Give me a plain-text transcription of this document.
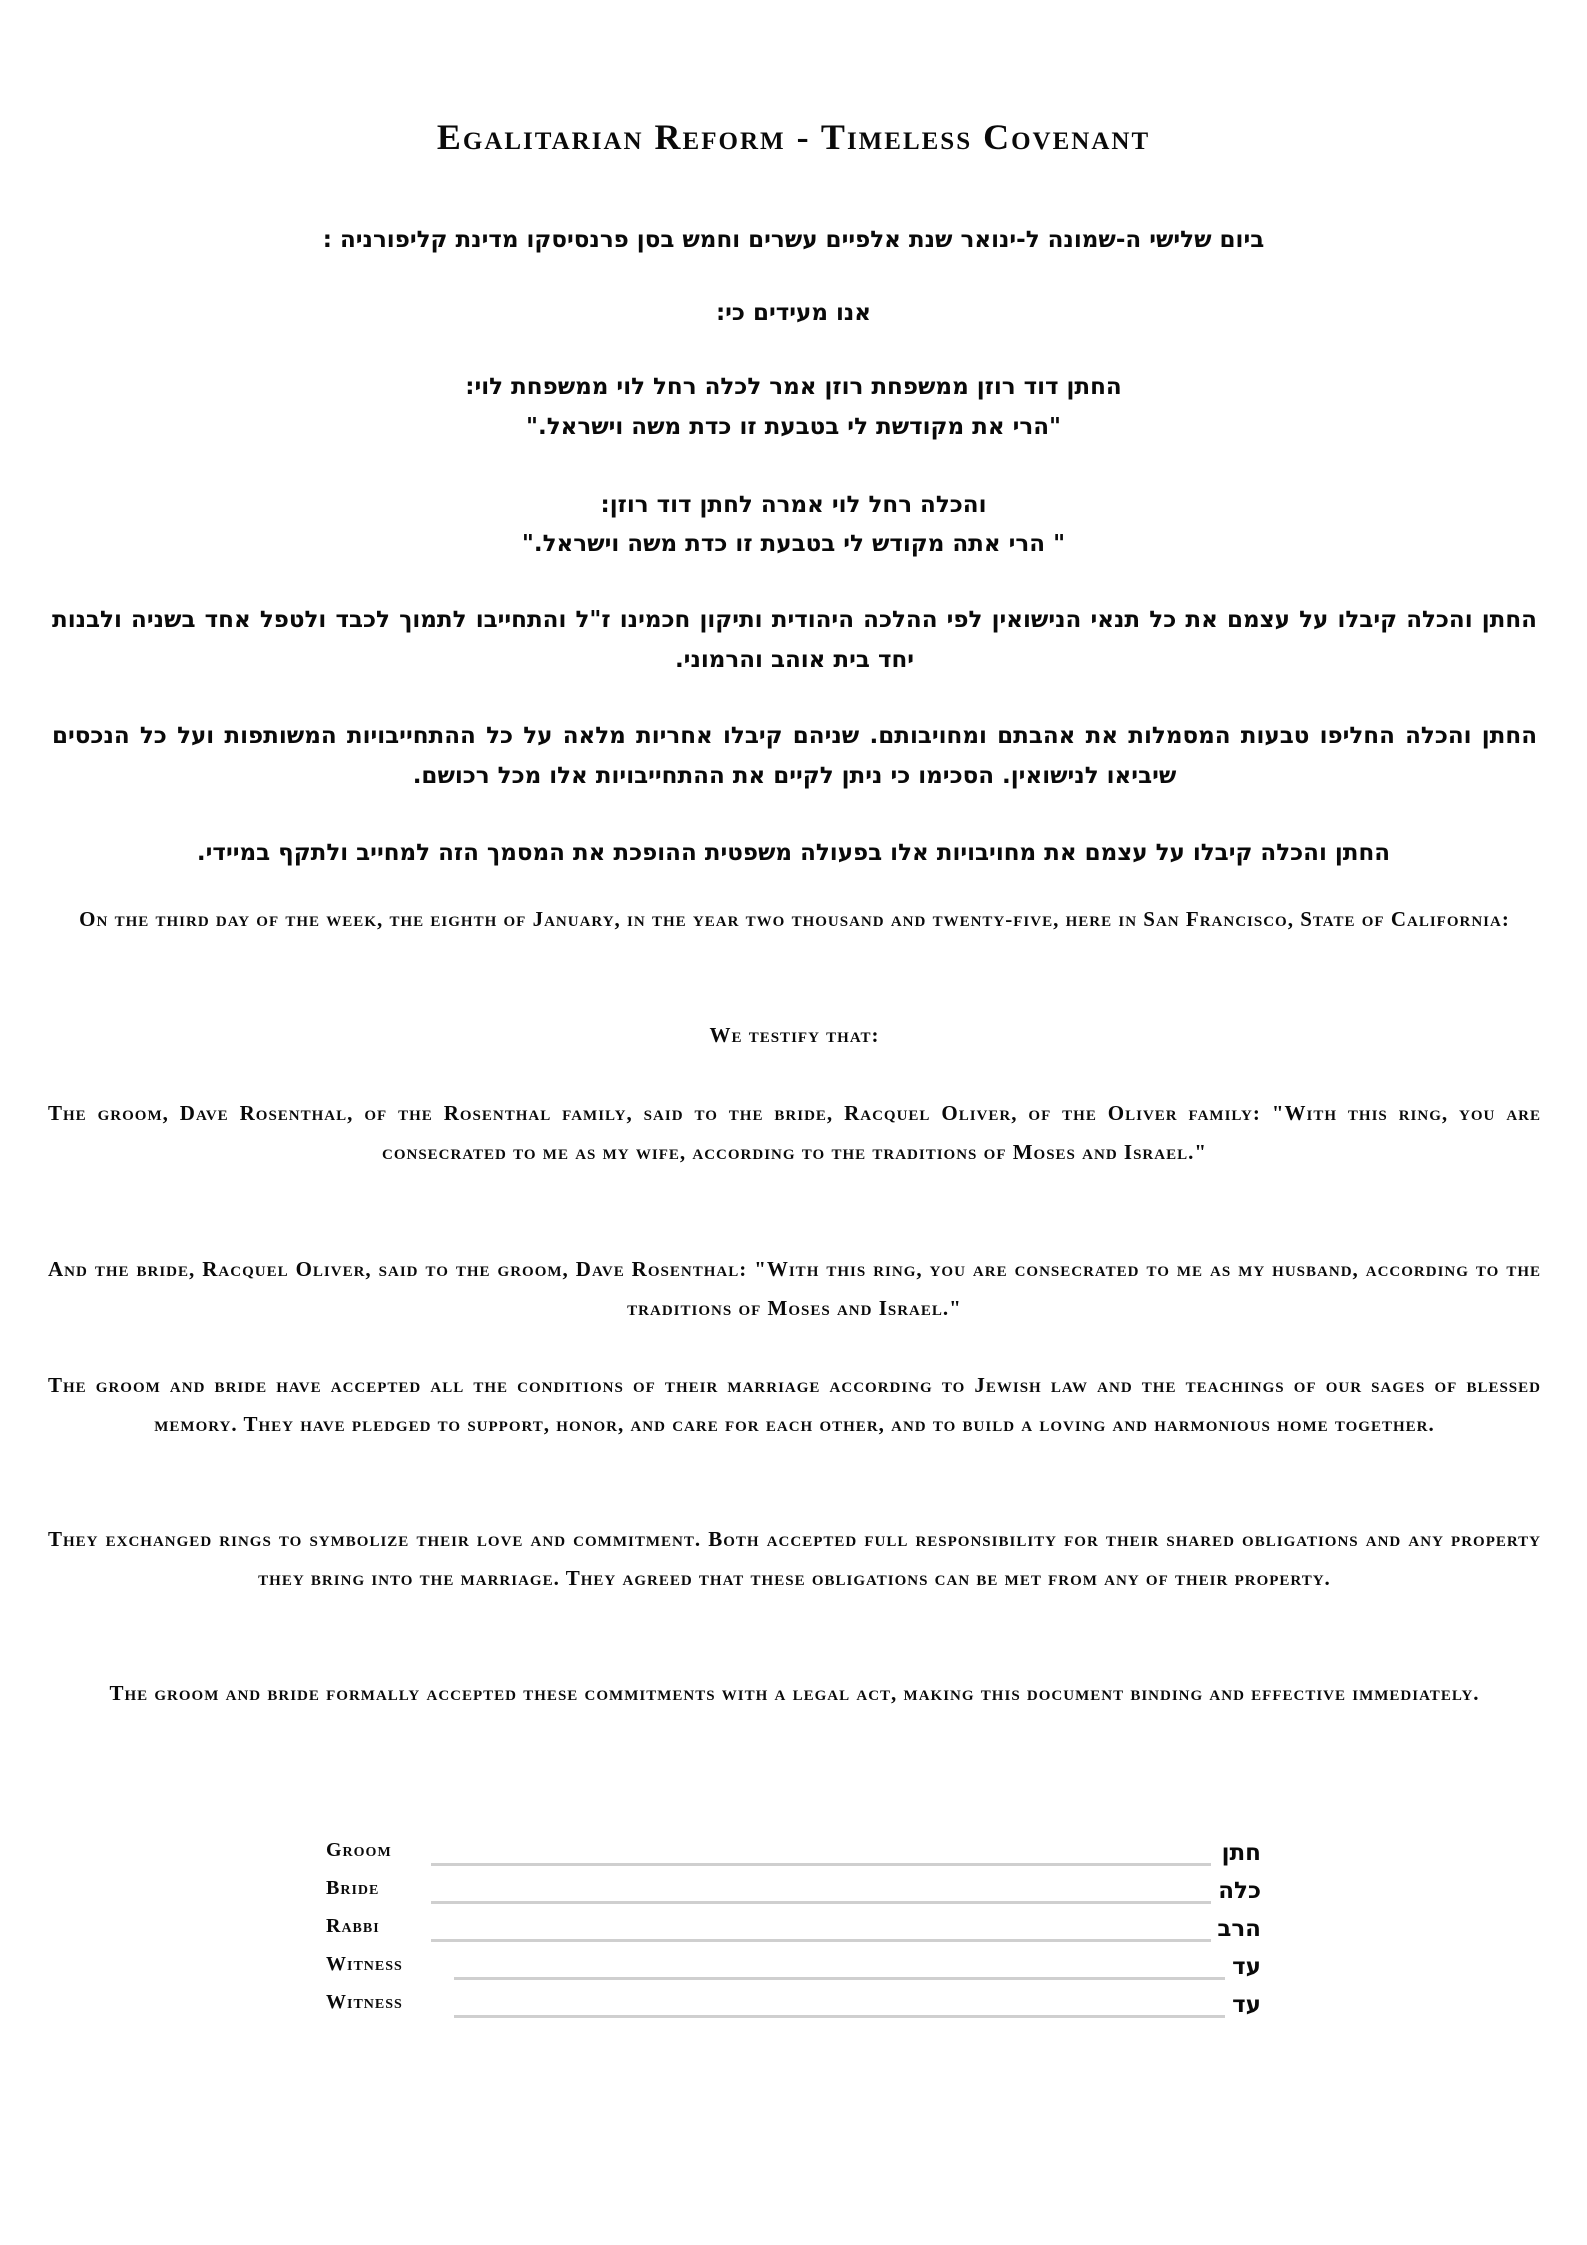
Egalitarian Reform - Timeless Covenant
ביום שלישי ה-שמונה ל-ינואר שנת אלפיים עשרים וחמש בסן פרנסיסקו מדינת קליפורניה :
אנו מעידים כי:
החתן דוד רוזן ממשפחת רוזן אמר לכלה רחל לוי ממשפחת לוי:
"הרי את מקודשת לי בטבעת זו כדת משה וישראל."
והכלה רחל לוי אמרה לחתן דוד רוזן:
" הרי אתה מקודש לי בטבעת זו כדת משה וישראל."
החתן והכלה קיבלו על עצמם את כל תנאי הנישואין לפי ההלכה היהודית ותיקון חכמינו ז"ל והתחייבו לתמוך לכבד ולטפל אחד בשניה ולבנות יחד בית אוהב והרמוני.
החתן והכלה החליפו טבעות המסמלות את אהבתם ומחויבותם. שניהם קיבלו אחריות מלאה על כל ההתחייבויות המשותפות ועל כל הנכסים שיביאו לנישואין. הסכימו כי ניתן לקיים את ההתחייבויות אלו מכל רכושם.
החתן והכלה קיבלו על עצמם את מחויבויות אלו בפעולה משפטית ההופכת את המסמך הזה למחייב ולתקף במיידי.
On the third day of the week, the eighth of January, in the year two thousand and twenty-five, here in San Francisco, State of California:
We testify that:
The groom, Dave Rosenthal, of the Rosenthal family, said to the bride, Racquel Oliver, of the Oliver family: "With this ring, you are consecrated to me as my wife, according to the traditions of Moses and Israel."
And the bride, Racquel Oliver, said to the groom, Dave Rosenthal: "With this ring, you are consecrated to me as my husband, according to the traditions of Moses and Israel."
The groom and bride have accepted all the conditions of their marriage according to Jewish law and the teachings of our sages of blessed memory. They have pledged to support, honor, and care for each other, and to build a loving and harmonious home together.
They exchanged rings to symbolize their love and commitment. Both accepted full responsibility for their shared obligations and any property they bring into the marriage. They agreed that these obligations can be met from any of their property.
The groom and bride formally accepted these commitments with a legal act, making this document binding and effective immediately.
Groom	חתן
Bride	כלה
Rabbi	הרב
Witness	עד
Witness	עד
